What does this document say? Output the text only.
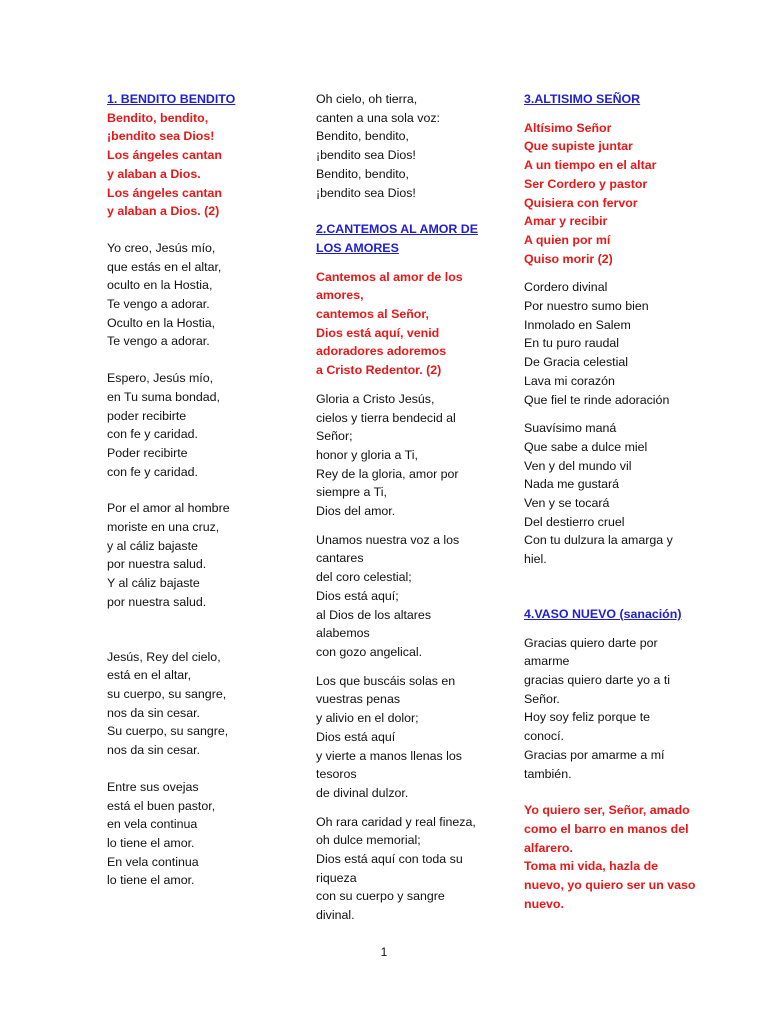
1. BENDITO BENDITO
Bendito, bendito,
¡bendito sea Dios!
Los ángeles cantan
y alaban a Dios.
Los ángeles cantan
y alaban a Dios. (2)
Yo creo, Jesús mío,
que estás en el altar,
oculto en la Hostia,
Te vengo a adorar.
Oculto en la Hostia,
Te vengo a adorar.
Espero, Jesús mío,
en Tu suma bondad,
poder recibirte
con fe y caridad.
Poder recibirte
con fe y caridad.
Por el amor al hombre
moriste en una cruz,
y al cáliz bajaste
por nuestra salud.
Y al cáliz bajaste
por nuestra salud.
Jesús, Rey del cielo,
está en el altar,
su cuerpo, su sangre,
nos da sin cesar.
Su cuerpo, su sangre,
nos da sin cesar.
Entre sus ovejas
está el buen pastor,
en vela continua
lo tiene el amor.
En vela continua
lo tiene el amor.
Oh cielo, oh tierra,
canten a una sola voz:
Bendito, bendito,
¡bendito sea Dios!
Bendito, bendito,
¡bendito sea Dios!
2.CANTEMOS AL AMOR DE
LOS AMORES
Cantemos al amor de los
amores,
cantemos al Señor,
Dios está aquí, venid
adoradores adoremos
a Cristo Redentor. (2)
Gloria a Cristo Jesús,
cielos y tierra bendecid al
Señor;
honor y gloria a Ti,
Rey de la gloria, amor por
siempre a Ti,
Dios del amor.
Unamos nuestra voz a los
cantares
del coro celestial;
Dios está aquí;
al Dios de los altares
alabemos
con gozo angelical.
Los que buscáis solas en
vuestras penas
y alivio en el dolor;
Dios está aquí
y vierte a manos llenas los
tesoros
de divinal dulzor.
Oh rara caridad y real fineza,
oh dulce memorial;
Dios está aquí con toda su
riqueza
con su cuerpo y sangre
divinal.
3.ALTISIMO SEÑOR
Altísimo Señor
Que supiste juntar
A un tiempo en el altar
Ser Cordero y pastor
Quisiera con fervor
Amar y recibir
A quien por mí
Quiso morir (2)
Cordero divinal
Por nuestro sumo bien
Inmolado en Salem
En tu puro raudal
De Gracia celestial
Lava mi corazón
Que fiel te rinde adoración
Suavísimo maná
Que sabe a dulce miel
Ven y del mundo vil
Nada me gustará
Ven y se tocará
Del destierro cruel
Con tu dulzura la amarga y
hiel.
4.VASO NUEVO (sanación)
Gracias quiero darte por
amarme
gracias quiero darte yo a ti
Señor.
Hoy soy feliz porque te
conocí.
Gracias por amarme a mí
también.
Yo quiero ser, Señor, amado
como el barro en manos del
alfarero.
Toma mi vida, hazla de
nuevo, yo quiero ser un vaso
nuevo.
1
